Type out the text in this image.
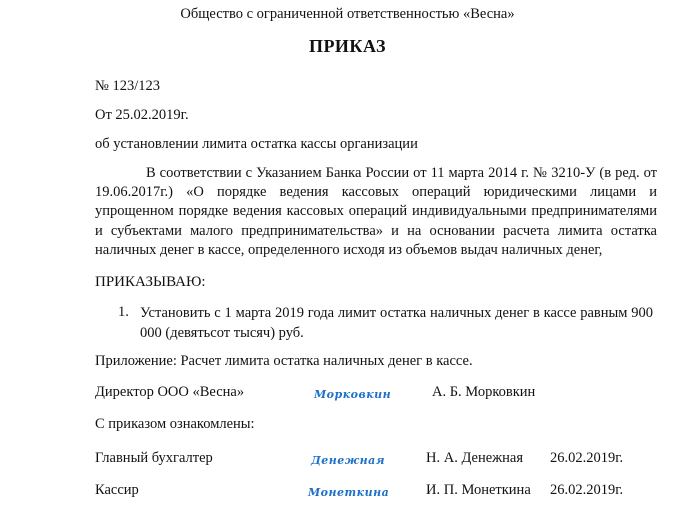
Общество с ограниченной ответственностью «Весна»
ПРИКАЗ
№ 123/123
От 25.02.2019г.
об установлении лимита остатка кассы организации
В соответствии с Указанием Банка России от 11 марта 2014 г. № 3210-У (в ред. от 19.06.2017г.) «О порядке ведения кассовых операций юридическими лицами и упрощенном порядке ведения кассовых операций индивидуальными предпринимателями и субъектами малого предпринимательства» и на основании расчета лимита остатка наличных денег в кассе, определенного исходя из объемов выдач наличных денег,
ПРИКАЗЫВАЮ:
1. Установить с 1 марта 2019 года лимит остатка наличных денег в кассе равным 900 000 (девятьсот тысяч) руб.
Приложение: Расчет лимита остатка наличных денег в кассе.
Директор ООО «Весна»	Морковкин	А. Б. Морковкин
С приказом ознакомлены:
Главный бухгалтер	Денежная	Н. А. Денежная 26.02.2019г.
Кассир	Монеткина	И. П. Монеткина 26.02.2019г.
